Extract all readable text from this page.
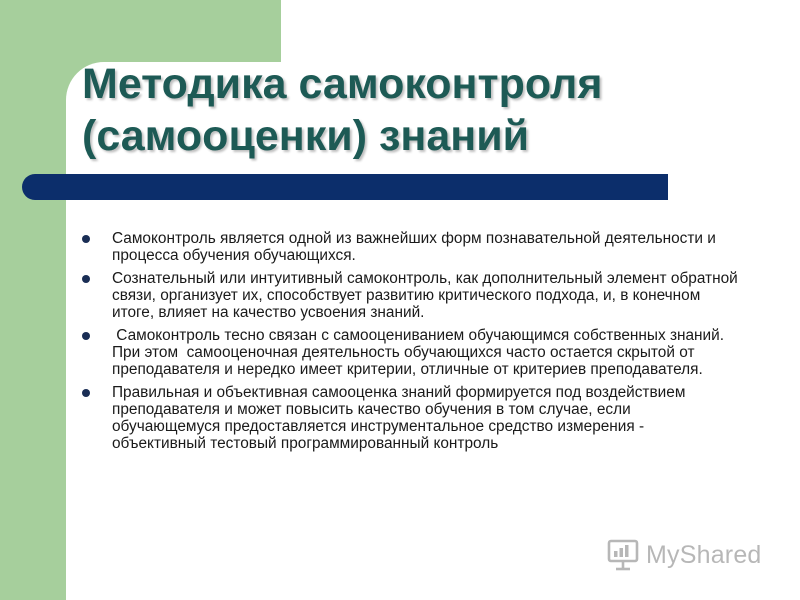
Методика самоконтроля (самооценки) знаний
Самоконтроль является одной из важнейших форм познавательной деятельности и процесса обучения обучающихся.
Сознательный или интуитивный самоконтроль, как дополнительный элемент обратной связи, организует их, способствует развитию критического подхода, и, в конечном итоге, влияет на качество усвоения знаний.
Самоконтроль тесно связан с самооцениванием обучающимся собственных знаний. При этом  самооценочная деятельность обучающихся часто остается скрытой от преподавателя и нередко имеет критерии, отличные от критериев преподавателя.
Правильная и объективная самооценка знаний формируется под воздействием преподавателя и может повысить качество обучения в том случае, если обучающемуся предоставляется инструментальное средство измерения - объективный тестовый программированный контроль
MyShared
